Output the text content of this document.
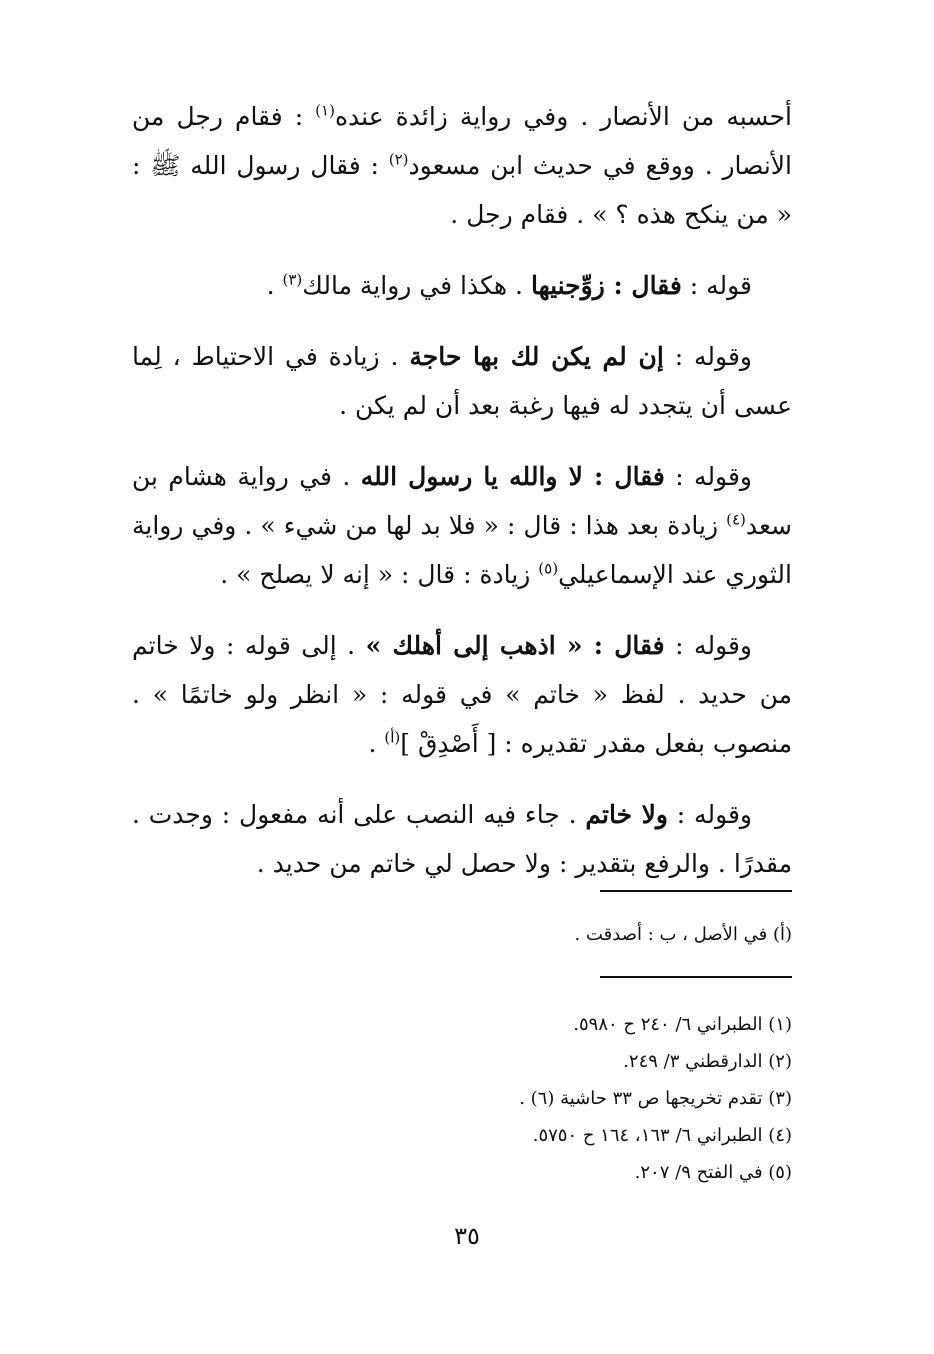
أحسبه من الأنصار . وفي رواية زائدة عنده$^{(١)}$ : فقام رجل من الأنصار . ووقع في حديث ابن مسعود$^{(٢)}$ : فقال رسول الله ﷺ : « من ينكح هذه ؟ » . فقام رجل .

قوله : فقال : زوِّجنيها . هكذا في رواية مالك$^{(٣)}$ .

وقوله : إن لم يكن لك بها حاجة . زيادة في الاحتياط ، لِما عسى أن يتجدد له فيها رغبة بعد أن لم يكن .

وقوله : فقال : لا والله يا رسول الله . في رواية هشام بن سعد$^{(٤)}$ زيادة بعد هذا : قال : « فلا بد لها من شيء » . وفي رواية الثوري عند الإسماعيلي$^{(٥)}$ زيادة : قال : « إنه لا يصلح » .

وقوله : فقال : « اذهب إلى أهلك » . إلى قوله : ولا خاتم من حديد . لفظ « خاتم » في قوله : « انظر ولو خاتمًا » . منصوب بفعل مقدر تقديره : [ أَصْدِقْ ]$^{(أ)}$ .

وقوله : ولا خاتم . جاء فيه النصب على أنه مفعول : وجدت . مقدرًا . والرفع بتقدير : ولا حصل لي خاتم من حديد .

(أ) في الأصل ، ب : أصدقت .
(١) الطبراني ٦/ ٢٤٠ ح ٥٩٨٠.
(٢) الدارقطني ٣/ ٢٤٩.
(٣) تقدم تخريجها ص ٣٣ حاشية (٦) .
(٤) الطبراني ٦/ ١٦٣، ١٦٤ ح ٥٧٥٠.
(٥) في الفتح ٩/ ٢٠٧.
٣٥
